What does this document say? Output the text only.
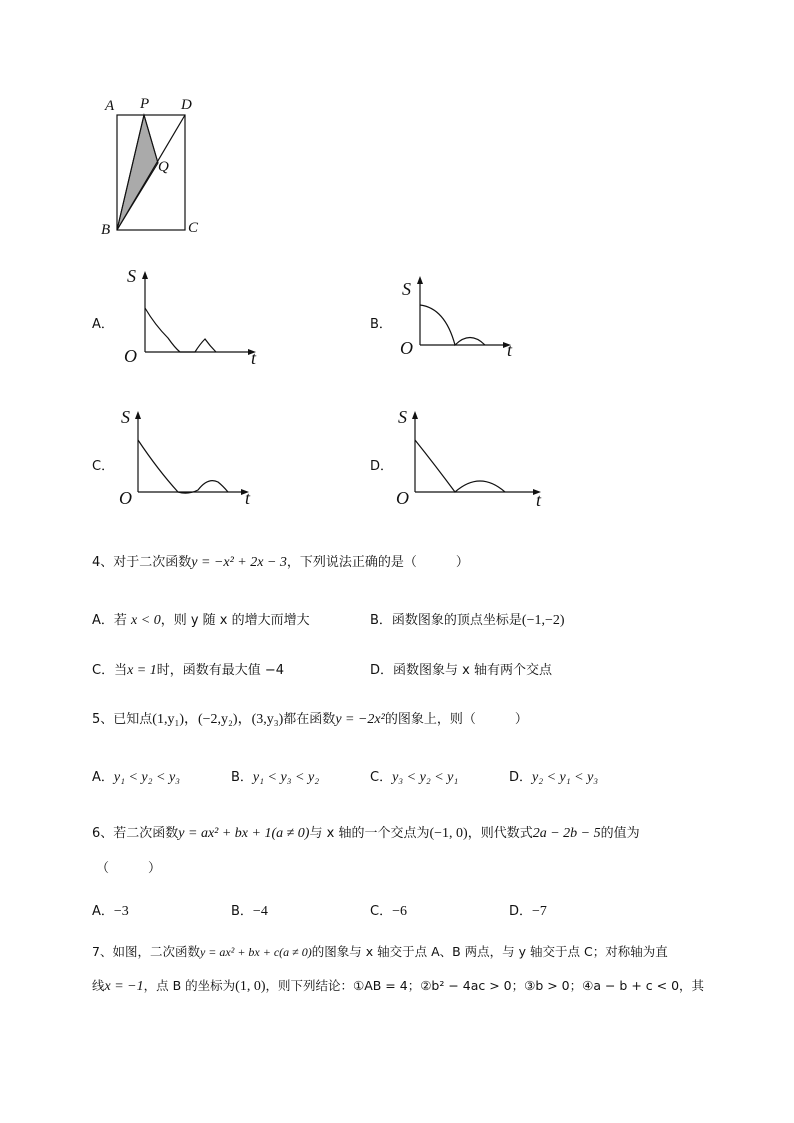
A P D
Q
B	C
A．
S
O	t
B．
S
O	t
C．
S
O	t
D．
S
O	t
4、对于二次函数y = −x² + 2x − 3，下列说法正确的是（　　　）
A．若 x < 0，则 y 随 x 的增大而增大	B．函数图象的顶点坐标是(−1,−2)
C．当x = 1时，函数有最大值 −4	D．函数图象与 x 轴有两个交点
5、已知点(1,y₁)，(−2,y₂)，(3,y₃)都在函数y = −2x²的图象上，则（　　　）
A．y₁ < y₂ < y₃	B．y₁ < y₃ < y₂	C．y₃ < y₂ < y₁	D．y₂ < y₁ < y₃
6、若二次函数y = ax² + bx + 1(a ≠ 0)与 x 轴的一个交点为(−1, 0)，则代数式2a − 2b − 5的值为
（　　　）
A．−3	B．−4	C．−6	D．−7
7、如图，二次函数y = ax² + bx + c(a ≠ 0)的图象与 x 轴交于点 A、B 两点，与 y 轴交于点 C；对称轴为直
线x = −1，点 B 的坐标为(1, 0)，则下列结论：①AB = 4；②b² − 4ac > 0；③b > 0；④a − b + c < 0，其
